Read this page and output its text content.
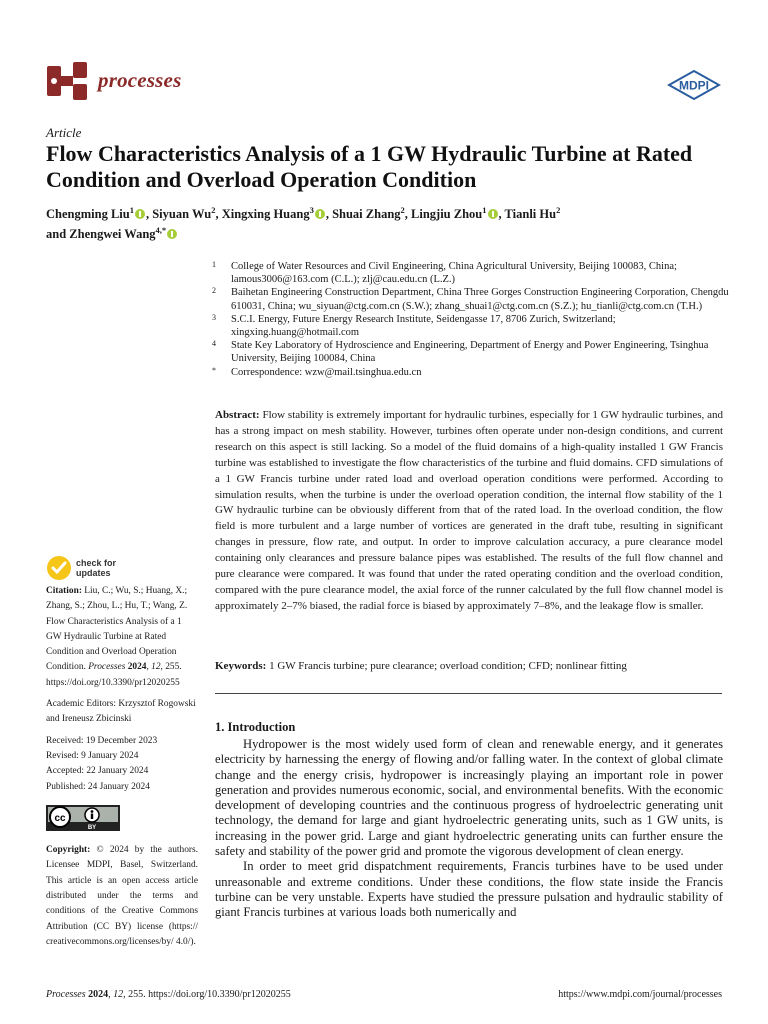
processes	MDPI
Article
Flow Characteristics Analysis of a 1 GW Hydraulic Turbine at Rated Condition and Overload Operation Condition
Chengming Liu$^1$ , Siyuan Wu$^2$, Xingxing Huang$^3$ , Shuai Zhang$^2$, Lingjiu Zhou$^1$ , Tianli Hu$^2$
and Zhengwei Wang$^{4,*}$
1 College of Water Resources and Civil Engineering, China Agricultural University, Beijing 100083, China; lamous3006@163.com (C.L.); zlj@cau.edu.cn (L.Z.)
2 Baihetan Engineering Construction Department, China Three Gorges Construction Engineering Corporation, Chengdu 610031, China; wu_siyuan@ctg.com.cn (S.W.); zhang_shuai1@ctg.com.cn (S.Z.); hu_tianli@ctg.com.cn (T.H.)
3 S.C.I. Energy, Future Energy Research Institute, Seidengasse 17, 8706 Zurich, Switzerland; xingxing.huang@hotmail.com
4 State Key Laboratory of Hydroscience and Engineering, Department of Energy and Power Engineering, Tsinghua University, Beijing 100084, China
* Correspondence: wzw@mail.tsinghua.edu.cn
Abstract: Flow stability is extremely important for hydraulic turbines, especially for 1 GW hydraulic turbines, and has a strong impact on mesh stability. However, turbines often operate under non-design conditions, and current research on this aspect is still lacking. So a model of the fluid domains of a high-quality installed 1 GW Francis turbine was established to investigate the flow characteristics of the turbine and fluid domains. CFD simulations of a 1 GW Francis turbine under rated load and overload operation conditions were performed. According to simulation results, when the turbine is under the overload operation condition, the internal flow stability of the 1 GW hydraulic turbine can be obviously different from that of the rated load. In the overload condition, the flow field is more turbulent and a large number of vortices are generated in the draft tube, resulting in significant changes in pressure, flow rate, and output. In order to improve calculation accuracy, a pure clearance model containing only clearances and pressure balance pipes was established. The results of the full flow channel and pure clearance were compared. It was found that under the rated operating condition and the overload condition, compared with the pure clearance model, the axial force of the runner calculated by the full flow channel model is approximately 2–7% biased, the radial force is biased by approximately 7–8%, and the leakage flow is smaller.
Keywords: 1 GW Francis turbine; pure clearance; overload condition; CFD; nonlinear fitting
check for
updates
Citation: Liu, C.; Wu, S.; Huang, X.; Zhang, S.; Zhou, L.; Hu, T.; Wang, Z. Flow Characteristics Analysis of a 1 GW Hydraulic Turbine at Rated Condition and Overload Operation Condition. Processes 2024, 12, 255. https://doi.org/10.3390/pr12020255
Academic Editors: Krzysztof Rogowski and Ireneusz Zbicinski
Received: 19 December 2023
Revised: 9 January 2024
Accepted: 22 January 2024
Published: 24 January 2024
cc
BY
Copyright: © 2024 by the authors. Licensee MDPI, Basel, Switzerland. This article is an open access article distributed under the terms and conditions of the Creative Commons Attribution (CC BY) license (https:// creativecommons.org/licenses/by/ 4.0/).
1. Introduction

Hydropower is the most widely used form of clean and renewable energy, and it generates electricity by harnessing the energy of flowing and/or falling water. In the context of global climate change and the energy crisis, hydropower is increasingly playing an important role in power generation and provides numerous economic, social, and environmental benefits. With the economic development of developing countries and the continuous progress of hydroelectric generating unit technology, the demand for large and giant hydroelectric generating units, such as 1 GW units, is increasing in the power grid. Large and giant hydroelectric generating units can further ensure the safety and stability of the power grid and promote the vigorous development of clean energy.

In order to meet grid dispatchment requirements, Francis turbines have to be used under unreasonable and extreme conditions. Under these conditions, the flow state inside the Francis turbine can be very unstable. Experts have studied the pressure pulsation and hydraulic stability of giant Francis turbines at various loads both numerically and

Processes 2024, 12, 255. https://doi.org/10.3390/pr12020255	https://www.mdpi.com/journal/processes
